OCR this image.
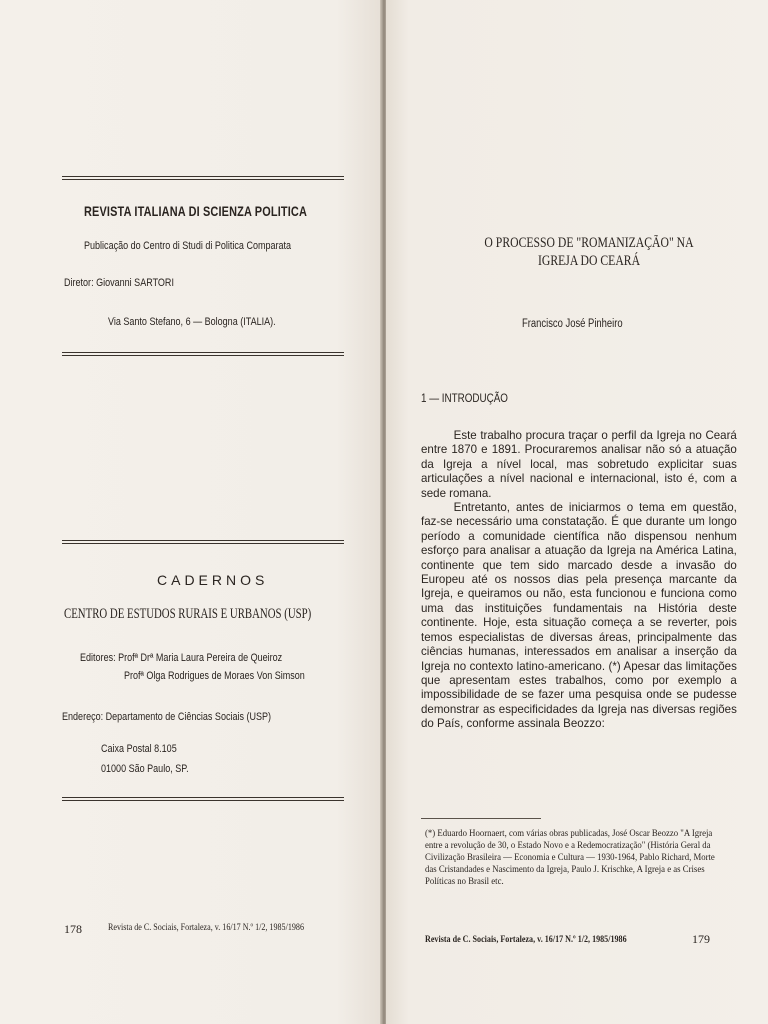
REVISTA ITALIANA DI SCIENZA POLITICA
Publicação do Centro di Studi di Politica Comparata
Diretor: Giovanni SARTORI
Via Santo Stefano, 6 — Bologna (ITALIA).
CADERNOS
CENTRO DE ESTUDOS RURAIS E URBANOS (USP)
Editores: Profª Drª Maria Laura Pereira de Queiroz
Profª Olga Rodrigues de Moraes Von Simson
Endereço: Departamento de Ciências Sociais (USP)
Caixa Postal 8.105
01000 São Paulo, SP.
178	Revista de C. Sociais, Fortaleza, v. 16/17 N.º 1/2, 1985/1986
O PROCESSO DE "ROMANIZAÇÃO" NA IGREJA DO CEARÁ
Francisco José Pinheiro
1 — INTRODUÇÃO

Este trabalho procura traçar o perfil da Igreja no Ceará entre 1870 e 1891. Procuraremos analisar não só a atuação da Igreja a nível local, mas sobretudo explicitar suas articulações a nível nacional e internacional, isto é, com a sede romana.

Entretanto, antes de iniciarmos o tema em questão, faz-se necessário uma constatação. É que durante um longo período a comunidade científica não dispensou nenhum esforço para analisar a atuação da Igreja na América Latina, continente que tem sido marcado desde a invasão do Europeu até os nossos dias pela presença marcante da Igreja, e queiramos ou não, esta funcionou e funciona como uma das instituições fundamentais na História deste continente. Hoje, esta situação começa a se reverter, pois temos especialistas de diversas áreas, principalmente das ciências humanas, interessados em analisar a inserção da Igreja no contexto latino-americano. (*) Apesar das limitações que apresentam estes trabalhos, como por exemplo a impossibilidade de se fazer uma pesquisa onde se pudesse demonstrar as especificidades da Igreja nas diversas regiões do País, conforme assinala Beozzo:

(*) Eduardo Hoornaert, com várias obras publicadas, José Oscar Beozzo "A Igreja entre a revolução de 30, o Estado Novo e a Redemocratização" (História Geral da Civilização Brasileira — Economia e Cultura — 1930-1964, Pablo Richard, Morte das Cristandades e Nascimento da Igreja, Paulo J. Krischke, A Igreja e as Crises Políticas no Brasil etc.
Revista de C. Sociais, Fortaleza, v. 16/17 N.º 1/2, 1985/1986	179
